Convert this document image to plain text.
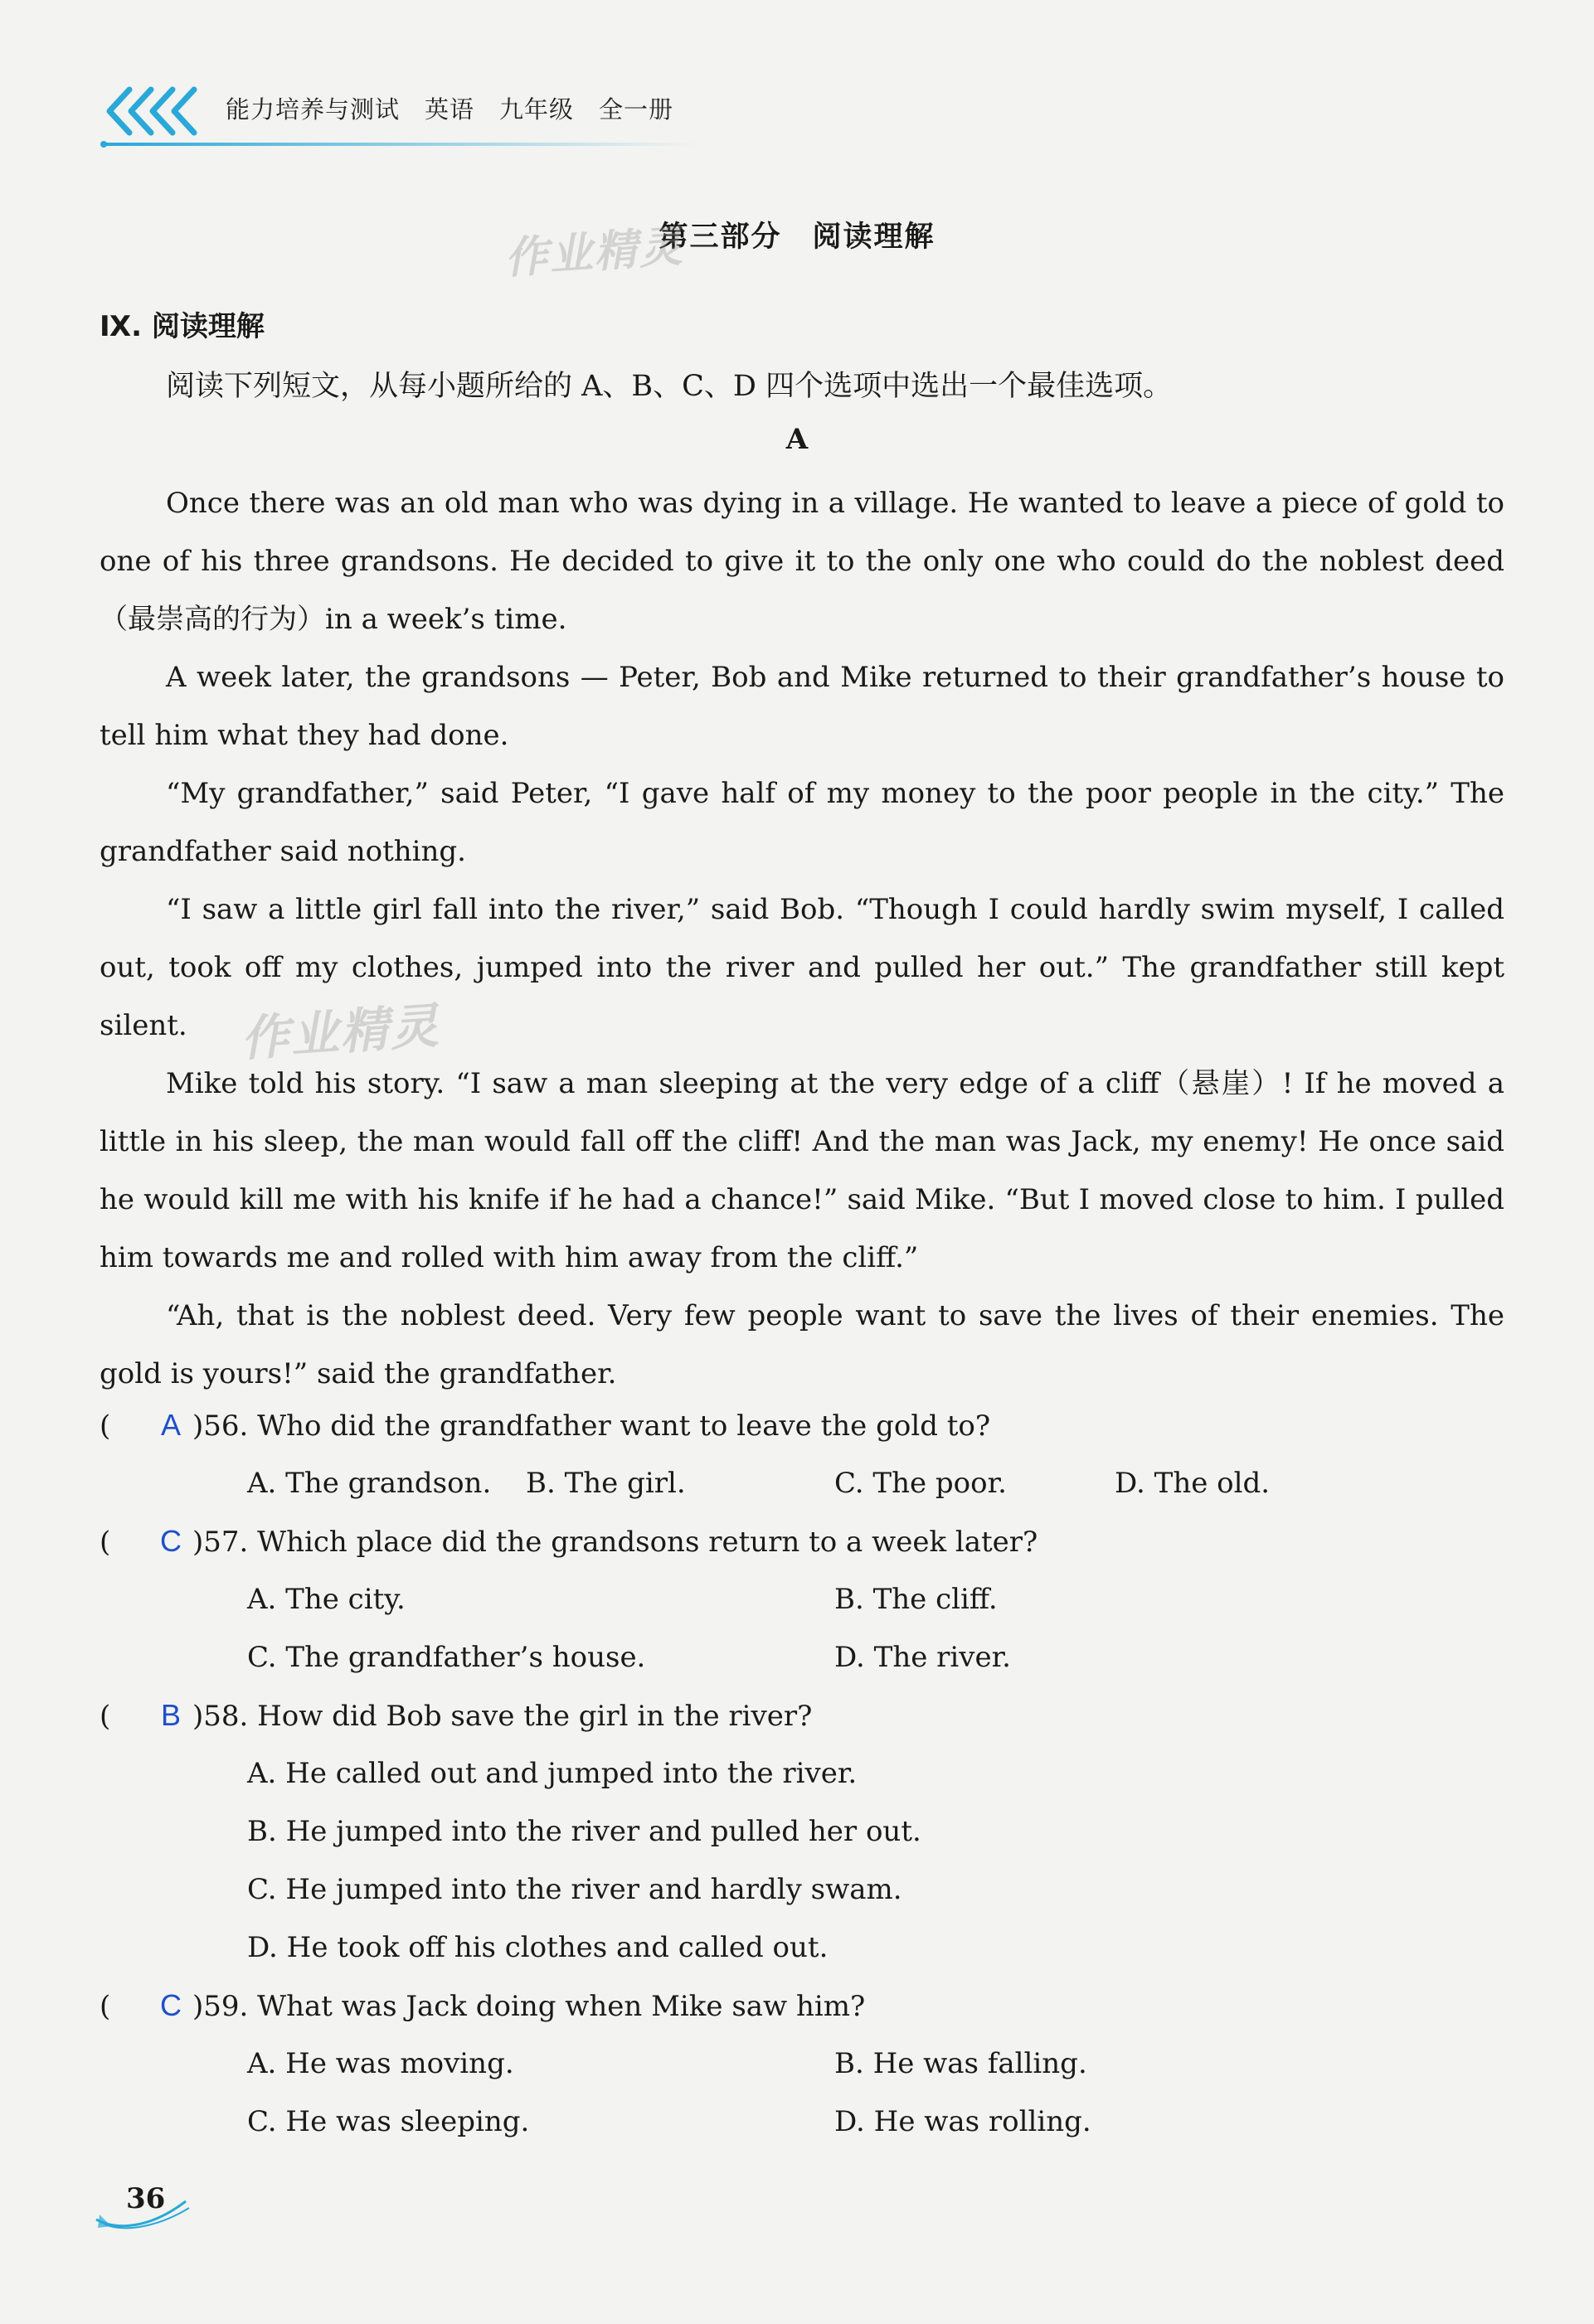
能力培养与测试　英语　九年级　全一册
第三部分　阅读理解
作业精灵
Ⅸ. 阅读理解
阅读下列短文，从每小题所给的 A、B、C、D 四个选项中选出一个最佳选项。
A

Once there was an old man who was dying in a village. He wanted to leave a piece of gold to one of his three grandsons. He decided to give it to the only one who could do the noblest deed（最崇高的行为）in a week’s time.

A week later, the grandsons — Peter, Bob and Mike returned to their grandfather’s house to tell him what they had done.

“My grandfather,” said Peter, “I gave half of my money to the poor people in the city.” The grandfather said nothing.

“I saw a little girl fall into the river,” said Bob. “Though I could hardly swim myself, I called out, took off my clothes, jumped into the river and pulled her out.” The grandfather still kept silent.

Mike told his story. “I saw a man sleeping at the very edge of a cliff（悬崖）! If he moved a little in his sleep, the man would fall off the cliff! And the man was Jack, my enemy! He once said he would kill me with his knife if he had a chance!” said Mike. “But I moved close to him. I pulled him towards me and rolled with him away from the cliff.”

“Ah, that is the noblest deed. Very few people want to save the lives of their enemies. The gold is yours!” said the grandfather.

作业精灵
( A )56. Who did the grandfather want to leave the gold to?
A. The grandson. B. The girl.	C. The poor.	D. The old.
( C )57. Which place did the grandsons return to a week later?
A. The city.	B. The cliff.
C. The grandfather’s house.	D. The river.
( B )58. How did Bob save the girl in the river?
A. He called out and jumped into the river.
B. He jumped into the river and pulled her out.
C. He jumped into the river and hardly swam.
D. He took off his clothes and called out.
( C )59. What was Jack doing when Mike saw him?
A. He was moving.	B. He was falling.
C. He was sleeping.	D. He was rolling.
36
